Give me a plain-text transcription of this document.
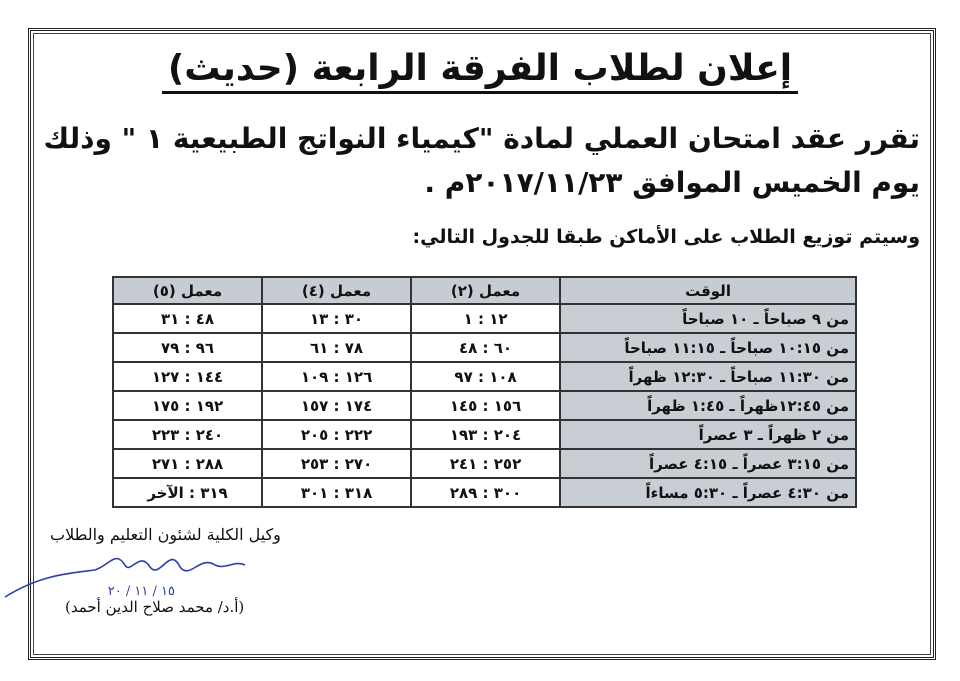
إعلان لطلاب الفرقة الرابعة (حديث)
تقرر عقد امتحان العملي لمادة "كيمياء النواتج الطبيعية ١ " وذلك
يوم الخميس الموافق ٢٠١٧/١١/٢٣م .
وسيتم توزيع الطلاب على الأماكن طبقا للجدول التالي:
الوقت	معمل (٢)	معمل (٤)	معمل (٥)
من ٩ صباحاً ـ ١٠ صباحاً	١٢ : ١	٣٠ : ١٣	٤٨ : ٣١
من ١٠:١٥ صباحاً ـ ١١:١٥ صباحاً	٦٠ : ٤٨	٧٨ : ٦١	٩٦ : ٧٩
من ١١:٣٠ صباحاً ـ ١٢:٣٠ ظهراً	١٠٨ : ٩٧	١٢٦ : ١٠٩	١٤٤ : ١٢٧
من ١٢:٤٥ظهراً ـ ١:٤٥ ظهراً	١٥٦ : ١٤٥	١٧٤ : ١٥٧	١٩٢ : ١٧٥
من ٢ ظهراً ـ ٣ عصراً	٢٠٤ : ١٩٣	٢٢٢ : ٢٠٥	٢٤٠ : ٢٢٣
من ٣:١٥ عصراً ـ ٤:١٥ عصراً	٢٥٢ : ٢٤١	٢٧٠ : ٢٥٣	٢٨٨ : ٢٧١
من ٤:٣٠ عصراً ـ ٥:٣٠ مساءاً	٣٠٠ : ٢٨٩	٣١٨ : ٣٠١	٣١٩ : الآخر
وكيل الكلية لشئون التعليم والطلاب
١٥ / ١١ / ٢٠
(أ.د/ محمد صلاح الدين أحمد)
